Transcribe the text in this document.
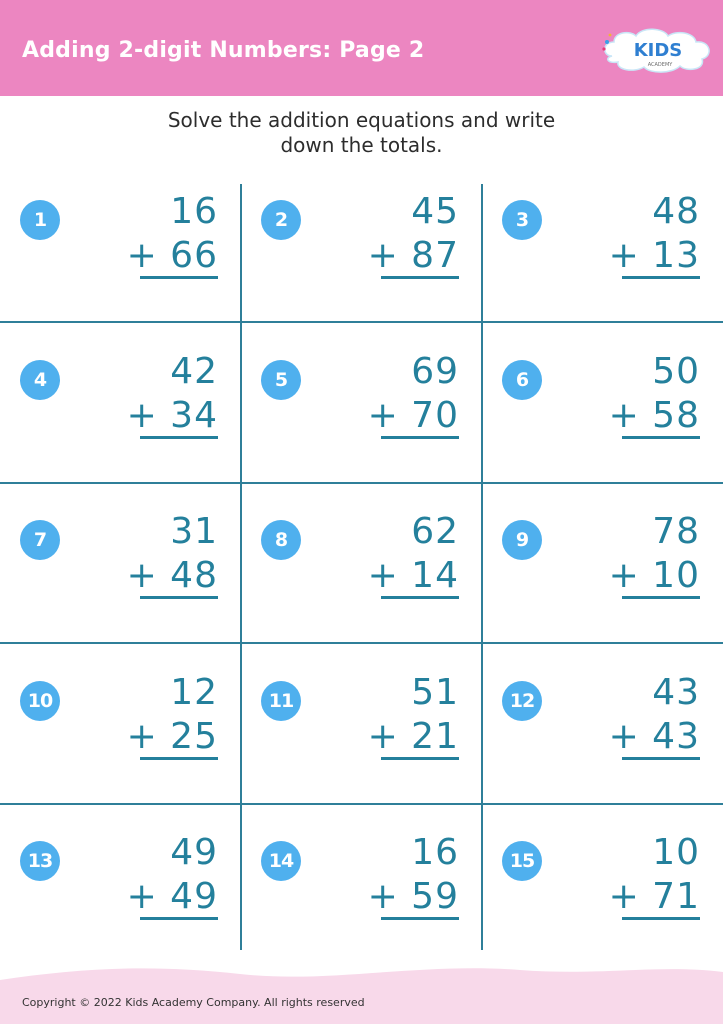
Adding 2-digit Numbers: Page 2	KIDS
ACADEMY
Solve the addition equations and write
down the totals.
1	16
+ 66
2	45
+ 87
3	48
+ 13
4	42
+ 34
5	69
+ 70
6	50
+ 58
7	31
+ 48
8	62
+ 14
9	78
+ 10
10	12
+ 25
11	51
+ 21
12	43
+ 43
13	49
+ 49
14	16
+ 59
15	10
+ 71
Copyright © 2022 Kids Academy Company. All rights reserved
